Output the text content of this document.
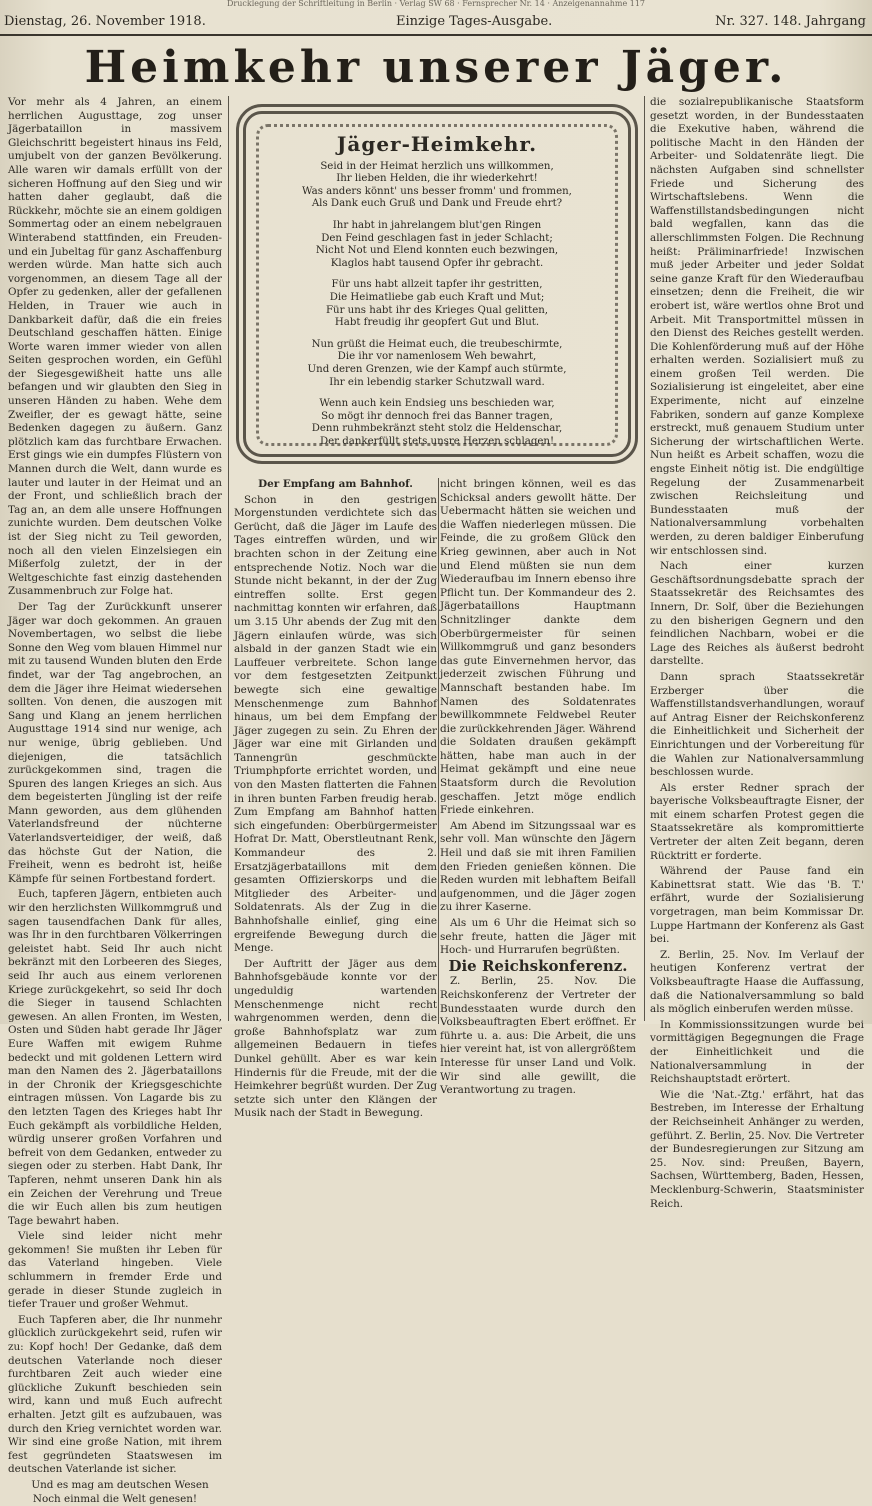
Drucklegung der Schriftleitung in Berlin · Verlag SW 68 · Fernsprecher Nr. 14 · Anzeigenannahme 117
Dienstag, 26. November 1918.	Einzige Tages-Ausgabe.	Nr. 327. 148. Jahrgang
Heimkehr unserer Jäger.

Vor mehr als 4 Jahren, an einem herrlichen Augusttage, zog unser Jägerbataillon in massivem Gleichschritt begeistert hinaus ins Feld, umjubelt von der ganzen Bevölkerung. Alle waren wir damals erfüllt von der sicheren Hoffnung auf den Sieg und wir hatten daher geglaubt, daß die Rückkehr, möchte sie an einem goldigen Sommertag oder an einem nebelgrauen Winterabend stattfinden, ein Freuden- und ein Jubeltag für ganz Aschaffenburg werden würde. Man hatte sich auch vorgenommen, an diesem Tage all der Opfer zu gedenken, aller der gefallenen Helden, in Trauer wie auch in Dankbarkeit dafür, daß die ein freies Deutschland geschaffen hätten. Einige Worte waren immer wieder von allen Seiten gesprochen worden, ein Gefühl der Siegesgewißheit hatte uns alle befangen und wir glaubten den Sieg in unseren Händen zu haben. Wehe dem Zweifler, der es gewagt hätte, seine Bedenken dagegen zu äußern. Ganz plötzlich kam das furchtbare Erwachen. Erst gings wie ein dumpfes Flüstern von Mannen durch die Welt, dann wurde es lauter und lauter in der Heimat und an der Front, und schließlich brach der Tag an, an dem alle unsere Hoffnungen zunichte wurden. Dem deutschen Volke ist der Sieg nicht zu Teil geworden, noch all den vielen Einzelsiegen ein Mißerfolg zuletzt, der in der Weltgeschichte fast einzig dastehenden Zusammenbruch zur Folge hat.

Der Tag der Zurückkunft unserer Jäger war doch gekommen. An grauen Novembertagen, wo selbst die liebe Sonne den Weg vom blauen Himmel nur mit zu tausend Wunden bluten den Erde findet, war der Tag angebrochen, an dem die Jäger ihre Heimat wiedersehen sollten. Von denen, die auszogen mit Sang und Klang an jenem herrlichen Augusttage 1914 sind nur wenige, ach nur wenige, übrig geblieben. Und diejenigen, die tatsächlich zurückgekommen sind, tragen die Spuren des langen Krieges an sich. Aus dem begeisterten Jüngling ist der reife Mann geworden, aus dem glühenden Vaterlandsfreund der nüchterne Vaterlandsverteidiger, der weiß, daß das höchste Gut der Nation, die Freiheit, wenn es bedroht ist, heiße Kämpfe für seinen Fortbestand fordert.

Euch, tapferen Jägern, entbieten auch wir den herzlichsten Willkommgruß und sagen tausendfachen Dank für alles, was Ihr in den furchtbaren Völkerringen geleistet habt. Seid Ihr auch nicht bekränzt mit den Lorbeeren des Sieges, seid Ihr auch aus einem verlorenen Kriege zurückgekehrt, so seid Ihr doch die Sieger in tausend Schlachten gewesen. An allen Fronten, im Westen, Osten und Süden habt gerade Ihr Jäger Eure Waffen mit ewigem Ruhme bedeckt und mit goldenen Lettern wird man den Namen des 2. Jägerbataillons in der Chronik der Kriegsgeschichte eintragen müssen. Von Lagarde bis zu den letzten Tagen des Krieges habt Ihr Euch gekämpft als vorbildliche Helden, würdig unserer großen Vorfahren und befreit von dem Gedanken, entweder zu siegen oder zu sterben. Habt Dank, Ihr Tapferen, nehmt unseren Dank hin als ein Zeichen der Verehrung und Treue die wir Euch allen bis zum heutigen Tage bewahrt haben.

Viele sind leider nicht mehr gekommen! Sie mußten ihr Leben für das Vaterland hingeben. Viele schlummern in fremder Erde und gerade in dieser Stunde zugleich in tiefer Trauer und großer Wehmut.

Euch Tapferen aber, die Ihr nunmehr glücklich zurückgekehrt seid, rufen wir zu: Kopf hoch! Der Gedanke, daß dem deutschen Vaterlande noch dieser furchtbaren Zeit auch wieder eine glückliche Zukunft beschieden sein wird, kann und muß Euch aufrecht erhalten. Jetzt gilt es aufzubauen, was durch den Krieg vernichtet worden war. Wir sind eine große Nation, mit ihrem fest gegründeten Staatswesen im deutschen Vaterlande ist sicher.

Und es mag am deutschen Wesen Noch einmal die Welt genesen!

Jäger-Heimkehr.
Seid in der Heimat herzlich uns willkommen,
Ihr lieben Helden, die ihr wiederkehrt!
Was anders könnt' uns besser fromm' und frommen,
Als Dank euch Gruß und Dank und Freude ehrt?
Ihr habt in jahrelangem blut'gen Ringen
Den Feind geschlagen fast in jeder Schlacht;
Nicht Not und Elend konnten euch bezwingen,
Klaglos habt tausend Opfer ihr gebracht.
Für uns habt allzeit tapfer ihr gestritten,
Die Heimatliebe gab euch Kraft und Mut;
Für uns habt ihr des Krieges Qual gelitten,
Habt freudig ihr geopfert Gut und Blut.
Nun grüßt die Heimat euch, die treubeschirmte,
Die ihr vor namenlosem Weh bewahrt,
Und deren Grenzen, wie der Kampf auch stürmte,
Ihr ein lebendig starker Schutzwall ward.
Wenn auch kein Endsieg uns beschieden war,
So mögt ihr dennoch frei das Banner tragen,
Denn ruhmbekränzt steht stolz die Heldenschar,
Der dankerfüllt stets unsre Herzen schlagen!

Der Empfang am Bahnhof.

Schon in den gestrigen Morgenstunden verdichtete sich das Gerücht, daß die Jäger im Laufe des Tages eintreffen würden, und wir brachten schon in der Zeitung eine entsprechende Notiz. Noch war die Stunde nicht bekannt, in der der Zug eintreffen sollte. Erst gegen nachmittag konnten wir erfahren, daß um 3.15 Uhr abends der Zug mit den Jägern einlaufen würde, was sich alsbald in der ganzen Stadt wie ein Lauffeuer verbreitete. Schon lange vor dem festgesetzten Zeitpunkt bewegte sich eine gewaltige Menschenmenge zum Bahnhof hinaus, um bei dem Empfang der Jäger zugegen zu sein. Zu Ehren der Jäger war eine mit Girlanden und Tannengrün geschmückte Triumphpforte errichtet worden, und von den Masten flatterten die Fahnen in ihren bunten Farben freudig herab. Zum Empfang am Bahnhof hatten sich eingefunden: Oberbürgermeister Hofrat Dr. Matt, Oberstleutnant Renk, Kommandeur des 2. Ersatzjägerbataillons mit dem gesamten Offizierskorps und die Mitglieder des Arbeiter- und Soldatenrats. Als der Zug in die Bahnhofshalle einlief, ging eine ergreifende Bewegung durch die Menge.

Der Auftritt der Jäger aus dem Bahnhofsgebäude konnte vor der ungeduldig wartenden Menschenmenge nicht recht wahrgenommen werden, denn die große Bahnhofsplatz war zum allgemeinen Bedauern in tiefes Dunkel gehüllt. Aber es war kein Hindernis für die Freude, mit der die Heimkehrer begrüßt wurden. Der Zug setzte sich unter den Klängen der Musik nach der Stadt in Bewegung.

nicht bringen können, weil es das Schicksal anders gewollt hätte. Der Uebermacht hätten sie weichen und die Waffen niederlegen müssen. Die Feinde, die zu großem Glück den Krieg gewinnen, aber auch in Not und Elend müßten sie nun dem Wiederaufbau im Innern ebenso ihre Pflicht tun. Der Kommandeur des 2. Jägerbataillons Hauptmann Schnitzlinger dankte dem Oberbürgermeister für seinen Willkommgruß und ganz besonders das gute Einvernehmen hervor, das jederzeit zwischen Führung und Mannschaft bestanden habe. Im Namen des Soldatenrates bewillkommnete Feldwebel Reuter die zurückkehrenden Jäger. Während die Soldaten draußen gekämpft hätten, habe man auch in der Heimat gekämpft und eine neue Staatsform durch die Revolution geschaffen. Jetzt möge endlich Friede einkehren.

Am Abend im Sitzungssaal war es sehr voll. Man wünschte den Jägern Heil und daß sie mit ihren Familien den Frieden genießen können. Die Reden wurden mit lebhaftem Beifall aufgenommen, und die Jäger zogen zu ihrer Kaserne.

Als um 6 Uhr die Heimat sich so sehr freute, hatten die Jäger mit Hoch- und Hurrarufen begrüßten.

Die Reichskonferenz.

Z. Berlin, 25. Nov. Die Reichskonferenz der Vertreter der Bundesstaaten wurde durch den Volksbeauftragten Ebert eröffnet. Er führte u. a. aus: Die Arbeit, die uns hier vereint hat, ist von allergrößtem Interesse für unser Land und Volk. Wir sind alle gewillt, die Verantwortung zu tragen.

die sozialrepublikanische Staatsform gesetzt worden, in der Bundesstaaten die Exekutive haben, während die politische Macht in den Händen der Arbeiter- und Soldatenräte liegt. Die nächsten Aufgaben sind schnellster Friede und Sicherung des Wirtschaftslebens. Wenn die Waffenstillstandsbedingungen nicht bald wegfallen, kann das die allerschlimmsten Folgen. Die Rechnung heißt: Präliminarfriede! Inzwischen muß jeder Arbeiter und jeder Soldat seine ganze Kraft für den Wiederaufbau einsetzen; denn die Freiheit, die wir erobert ist, wäre wertlos ohne Brot und Arbeit. Mit Transportmittel müssen in den Dienst des Reiches gestellt werden. Die Kohlenförderung muß auf der Höhe erhalten werden. Sozialisiert muß zu einem großen Teil werden. Die Sozialisierung ist eingeleitet, aber eine Experimente, nicht auf einzelne Fabriken, sondern auf ganze Komplexe erstreckt, muß genauem Studium unter Sicherung der wirtschaftlichen Werte. Nun heißt es Arbeit schaffen, wozu die engste Einheit nötig ist. Die endgültige Regelung der Zusammenarbeit zwischen Reichsleitung und Bundesstaaten muß der Nationalversammlung vorbehalten werden, zu deren baldiger Einberufung wir entschlossen sind.

Nach einer kurzen Geschäftsordnungsdebatte sprach der Staatssekretär des Reichsamtes des Innern, Dr. Solf, über die Beziehungen zu den bisherigen Gegnern und den feindlichen Nachbarn, wobei er die Lage des Reiches als äußerst bedroht darstellte.

Dann sprach Staatssekretär Erzberger über die Waffenstillstandsverhandlungen, worauf auf Antrag Eisner der Reichskonferenz die Einheitlichkeit und Sicherheit der Einrichtungen und der Vorbereitung für die Wahlen zur Nationalversammlung beschlossen wurde.

Als erster Redner sprach der bayerische Volksbeauftragte Eisner, der mit einem scharfen Protest gegen die Staatssekretäre als kompromittierte Vertreter der alten Zeit begann, deren Rücktritt er forderte.

Während der Pause fand ein Kabinettsrat statt. Wie das 'B. T.' erfährt, wurde der Sozialisierung vorgetragen, man beim Kommissar Dr. Luppe Hartmann der Konferenz als Gast bei.

Z. Berlin, 25. Nov. Im Verlauf der heutigen Konferenz vertrat der Volksbeauftragte Haase die Auffassung, daß die Nationalversammlung so bald als möglich einberufen werden müsse.

In Kommissionssitzungen wurde bei vormittägigen Begegnungen die Frage der Einheitlichkeit und die Nationalversammlung in der Reichshauptstadt erörtert.

Wie die 'Nat.-Ztg.' erfährt, hat das Bestreben, im Interesse der Erhaltung der Reichseinheit Anhänger zu werden, geführt. Z. Berlin, 25. Nov. Die Vertreter der Bundesregierungen zur Sitzung am 25. Nov. sind: Preußen, Bayern, Sachsen, Württemberg, Baden, Hessen, Mecklenburg-Schwerin, Staatsminister Reich.
